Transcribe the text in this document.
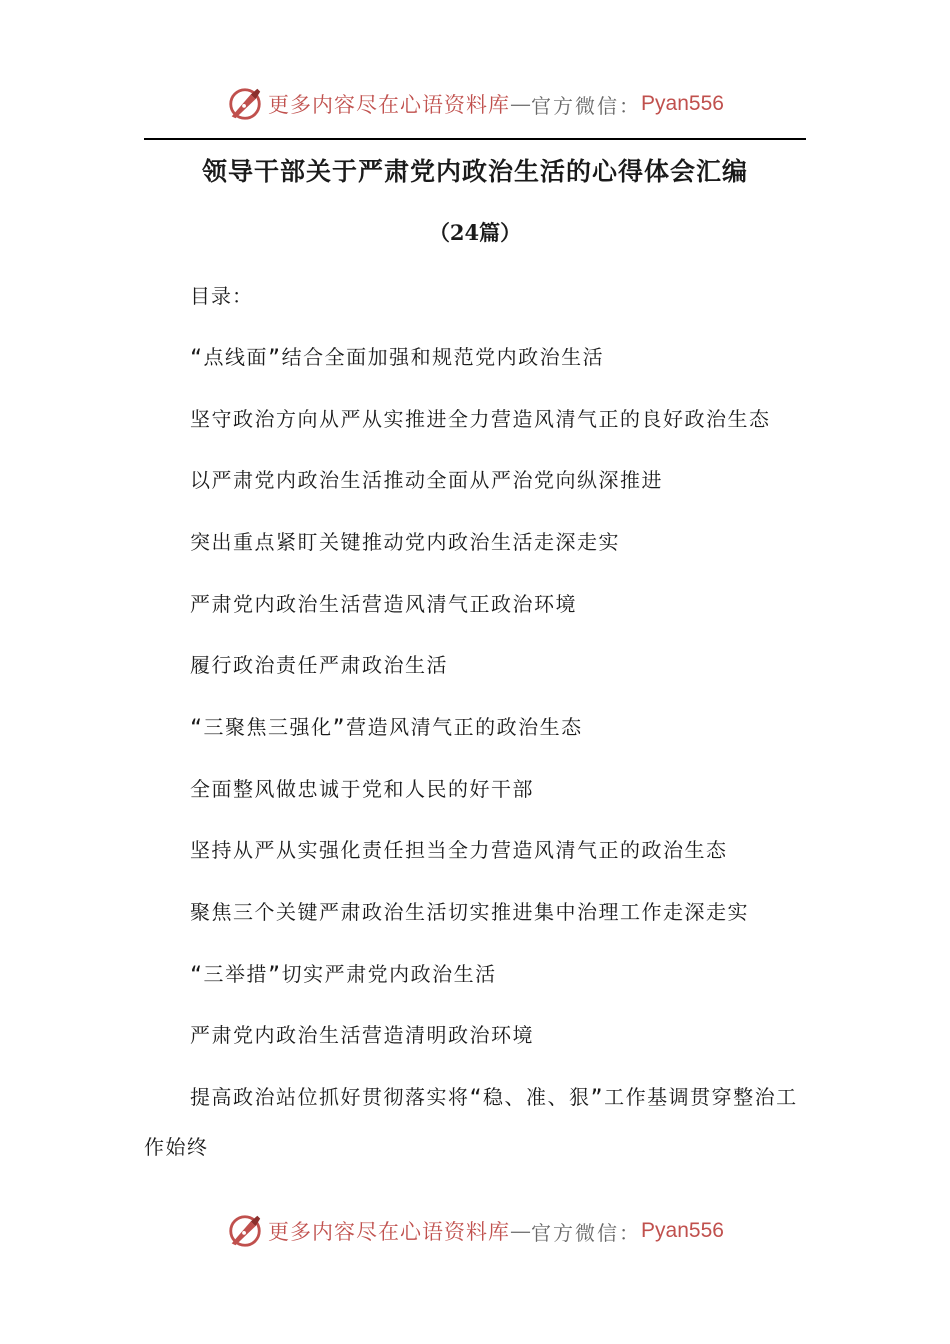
更多内容尽在心语资料库 — 官方微信： Pyan556
领导干部关于严肃党内政治生活的心得体会汇编
（24篇）
目录：
“点线面”结合全面加强和规范党内政治生活
坚守政治方向从严从实推进全力营造风清气正的良好政治生态
以严肃党内政治生活推动全面从严治党向纵深推进
突出重点紧盯关键推动党内政治生活走深走实
严肃党内政治生活营造风清气正政治环境
履行政治责任严肃政治生活
“三聚焦三强化”营造风清气正的政治生态
全面整风做忠诚于党和人民的好干部
坚持从严从实强化责任担当全力营造风清气正的政治生态
聚焦三个关键严肃政治生活切实推进集中治理工作走深走实
“三举措”切实严肃党内政治生活
严肃党内政治生活营造清明政治环境
提高政治站位抓好贯彻落实将“稳、准、狠”工作基调贯穿整治工作始终
更多内容尽在心语资料库 — 官方微信： Pyan556
